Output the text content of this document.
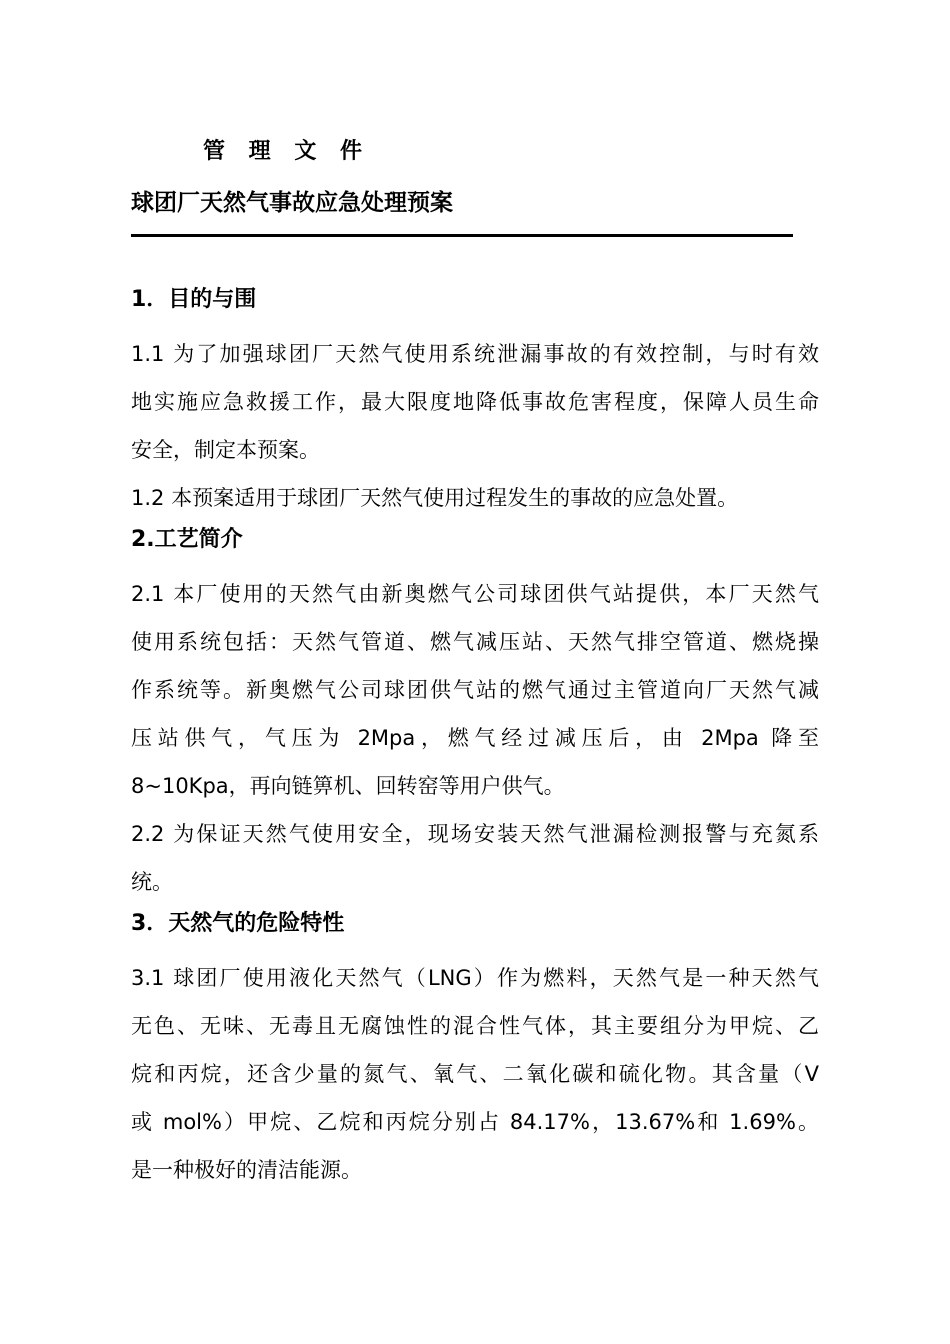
管 理 文 件
球团厂天然气事故应急处理预案

1．目的与围

1.1 为了加强球团厂天然气使用系统泄漏事故的有效控制，与时有效

地实施应急救援工作，最大限度地降低事故危害程度，保障人员生命

安全，制定本预案。

1.2 本预案适用于球团厂天然气使用过程发生的事故的应急处置。

2.工艺简介

2.1 本厂使用的天然气由新奥燃气公司球团供气站提供，本厂天然气

使用系统包括：天然气管道、燃气减压站、天然气排空管道、燃烧操

作系统等。新奥燃气公司球团供气站的燃气通过主管道向厂天然气减

压站供气，气压为 2Mpa，燃气经过减压后，由 2Mpa 降至

8~10Kpa，再向链箅机、回转窑等用户供气。

2.2 为保证天然气使用安全，现场安装天然气泄漏检测报警与充氮系

统。

3．天然气的危险特性

3.1 球团厂使用液化天然气（LNG）作为燃料，天然气是一种天然气

无色、无味、无毒且无腐蚀性的混合性气体，其主要组分为甲烷、乙

烷和丙烷，还含少量的氮气、氧气、二氧化碳和硫化物。其含量（V

或 mol%）甲烷、乙烷和丙烷分别占 84.17%，13.67%和 1.69%。

是一种极好的清洁能源。
